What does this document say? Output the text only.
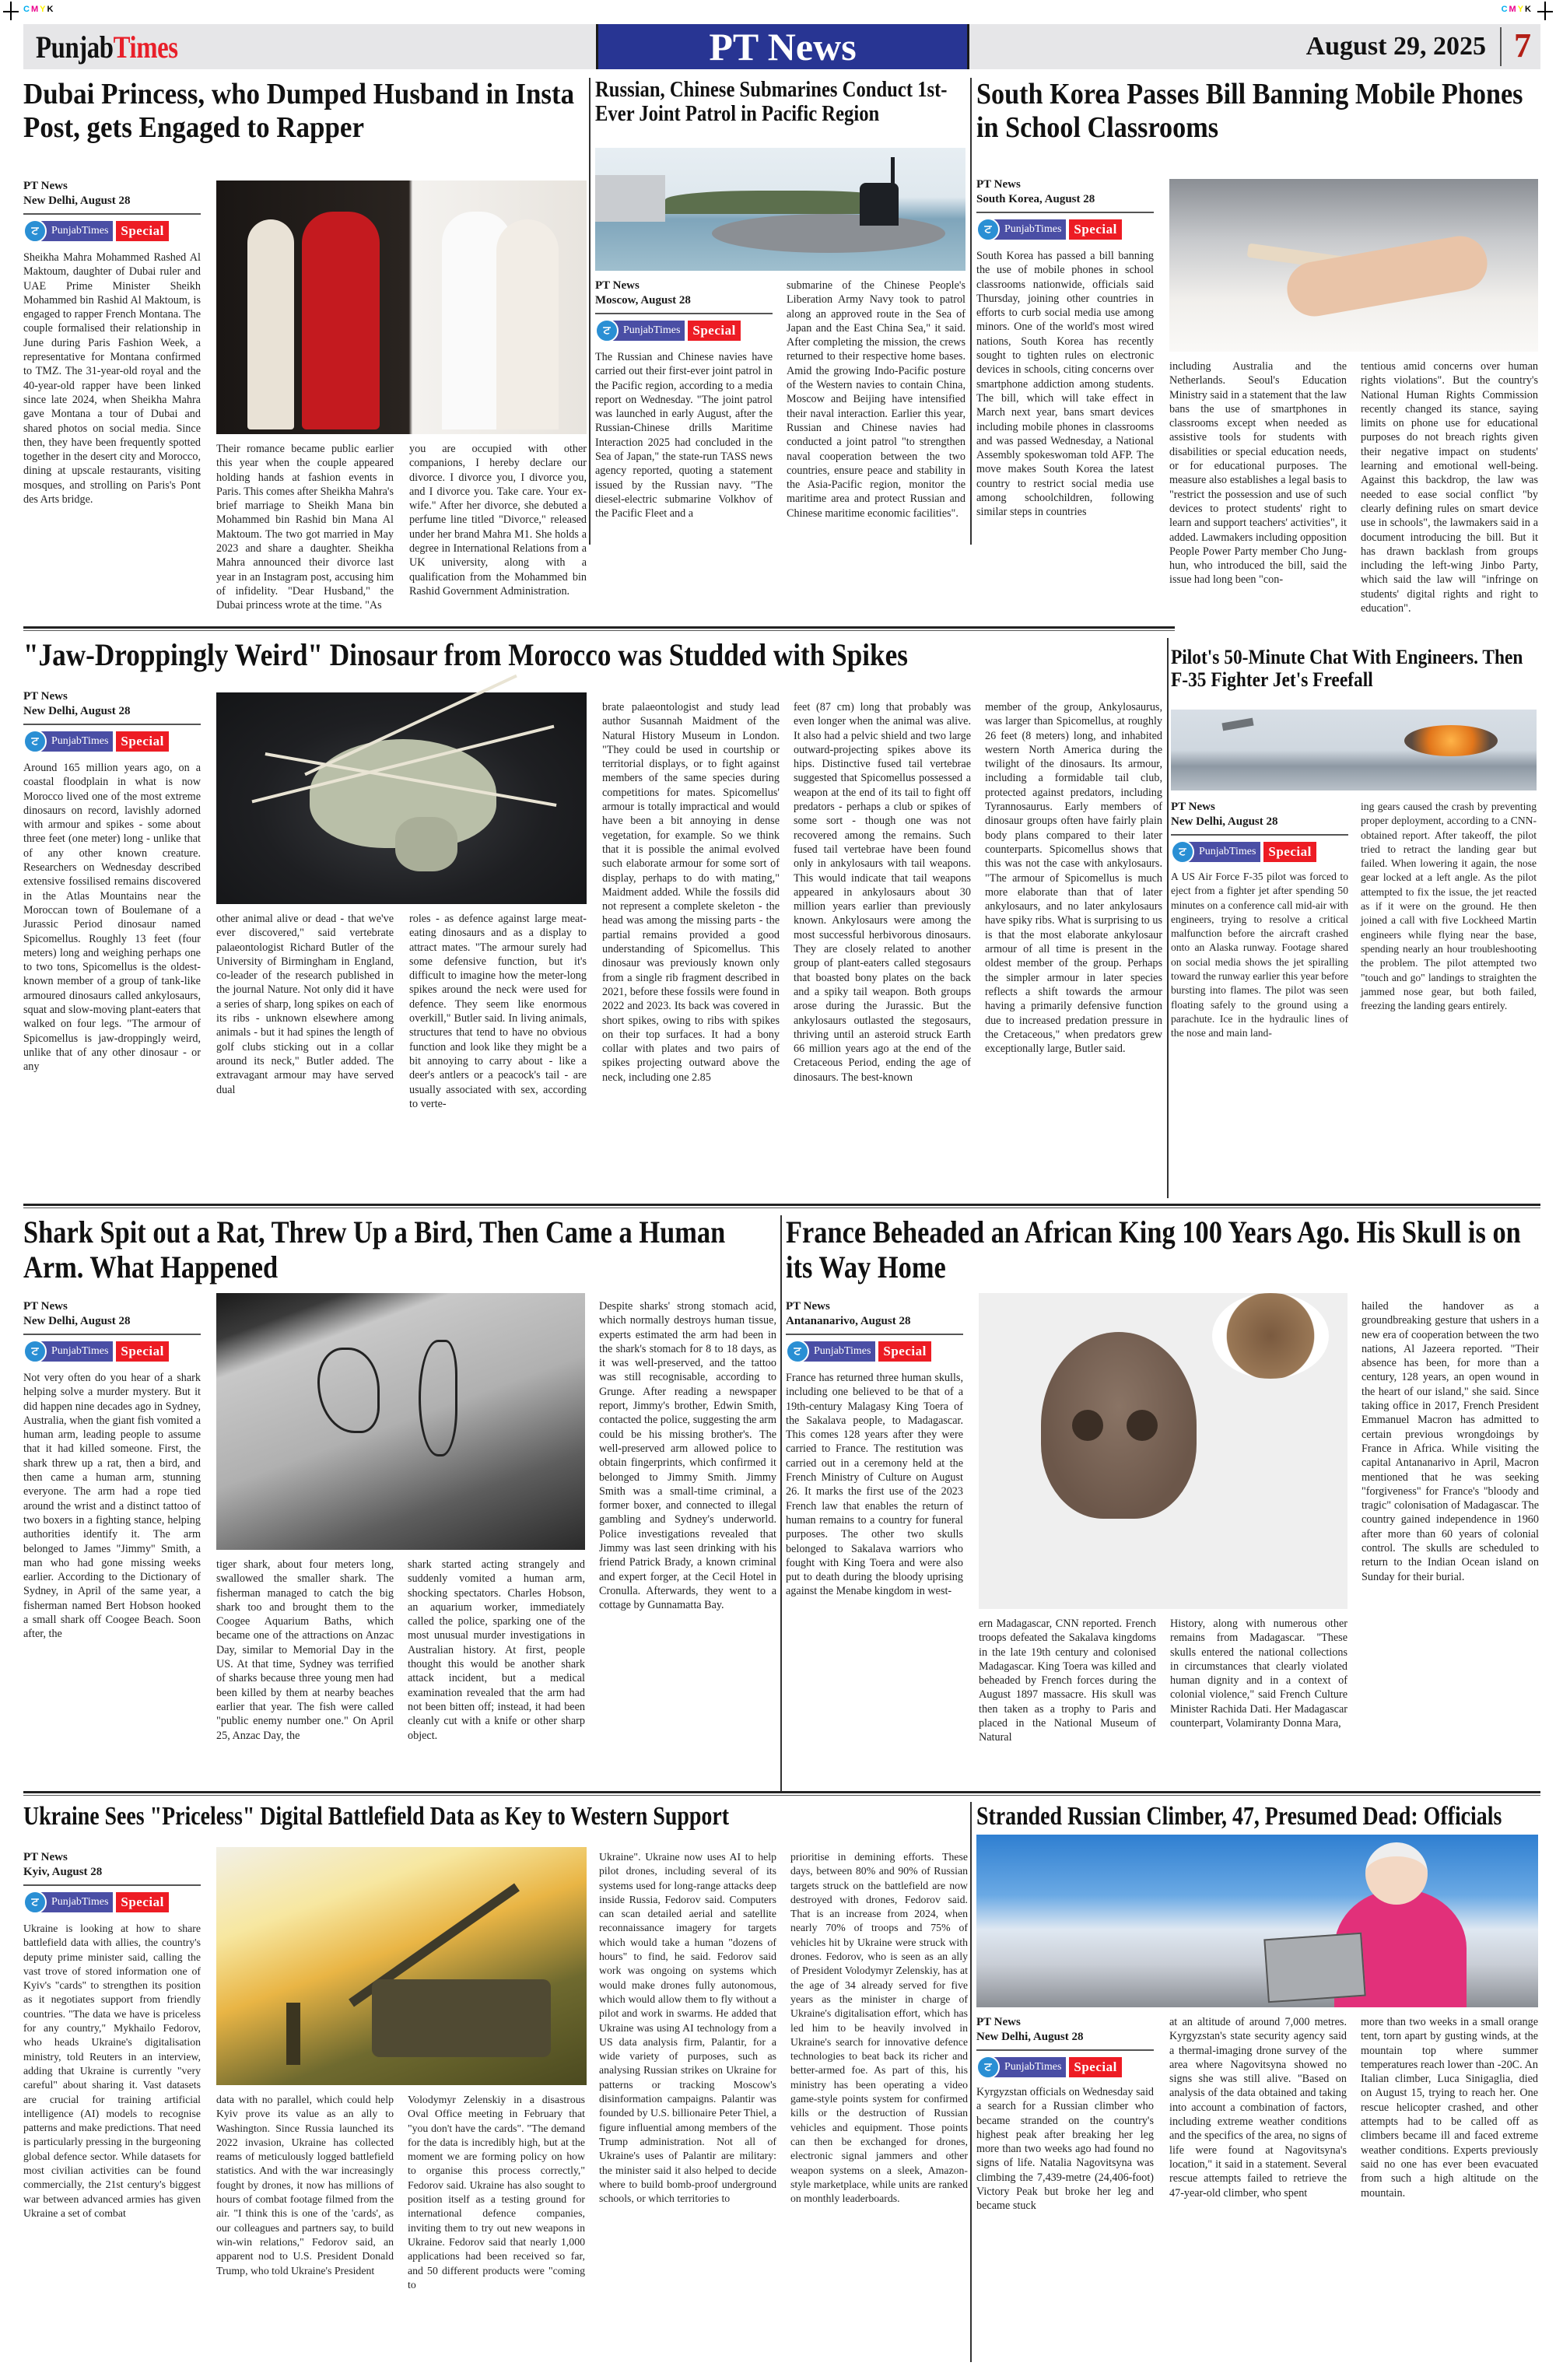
CMYK	CMYK
PunjabTimes	PT News	August 29, 2025 7
Dubai Princess, who Dumped Husband in Insta Post, gets Engaged to Rapper
PT News
New Delhi, August 28
ਟ	PunjabTimes Special
Sheikha Mahra Mohammed Rashed Al Maktoum, daughter of Dubai ruler and UAE Prime Minister Sheikh Mohammed bin Rashid Al Maktoum, is engaged to rapper French Montana. The couple formalised their relationship in June during Paris Fashion Week, a representative for Montana confirmed to TMZ. The 31-year-old royal and the 40-year-old rapper have been linked since late 2024, when Sheikha Mahra gave Montana a tour of Dubai and shared photos on social media. Since then, they have been frequently spotted together in the desert city and Morocco, dining at upscale restaurants, visiting mosques, and strolling on Paris's Pont des Arts bridge.
Their romance became public earlier this year when the couple appeared holding hands at fashion events in Paris. This comes after Sheikha Mahra's brief marriage to Sheikh Mana bin Mohammed bin Rashid bin Mana Al Maktoum. The two got married in May 2023 and share a daughter. Sheikha Mahra announced their divorce last year in an Instagram post, accusing him of infidelity. "Dear Husband," the Dubai princess wrote at the time. "As
you are occupied with other companions, I hereby declare our divorce. I divorce you, I divorce you, and I divorce you. Take care. Your ex-wife." After her divorce, she debuted a perfume line titled "Divorce," released under her brand Mahra M1. She holds a degree in International Relations from a UK university, along with a qualification from the Mohammed bin Rashid Government Administration.
Russian, Chinese Submarines Conduct 1st-Ever Joint Patrol in Pacific Region
PT News
Moscow, August 28
ਟ	PunjabTimes Special
The Russian and Chinese navies have carried out their first-ever joint patrol in the Pacific region, according to a media report on Wednesday. "The joint patrol was launched in early August, after the Russian-Chinese drills Maritime Interaction 2025 had concluded in the Sea of Japan," the state-run TASS news agency reported, quoting a statement issued by the Russian navy. "The diesel-electric submarine Volkhov of the Pacific Fleet and a
submarine of the Chinese People's Liberation Army Navy took to patrol along an approved route in the Sea of Japan and the East China Sea," it said. After completing the mission, the crews returned to their respective home bases. Amid the growing Indo-Pacific posture of the Western navies to contain China, Moscow and Beijing have intensified their naval interaction. Earlier this year, Russian and Chinese navies had conducted a joint patrol "to strengthen naval cooperation between the two countries, ensure peace and stability in the Asia-Pacific region, monitor the maritime area and protect Russian and Chinese maritime economic facilities".
South Korea Passes Bill Banning Mobile Phones in School Classrooms
PT News
South Korea, August 28
ਟ	PunjabTimes Special
South Korea has passed a bill banning the use of mobile phones in school classrooms nationwide, officials said Thursday, joining other countries in efforts to curb social media use among minors. One of the world's most wired nations, South Korea has recently sought to tighten rules on electronic devices in schools, citing concerns over smartphone addiction among students. The bill, which will take effect in March next year, bans smart devices including mobile phones in classrooms and was passed Wednesday, a National Assembly spokeswoman told AFP. The move makes South Korea the latest country to restrict social media use among schoolchildren, following similar steps in countries
including Australia and the Netherlands. Seoul's Education Ministry said in a statement that the law bans the use of smartphones in classrooms except when needed as assistive tools for students with disabilities or special education needs, or for educational purposes. The measure also establishes a legal basis to "restrict the possession and use of such devices to protect students' right to learn and support teachers' activities", it added. Lawmakers including opposition People Power Party member Cho Jung-hun, who introduced the bill, said the issue had long been "con-
tentious amid concerns over human rights violations". But the country's National Human Rights Commission recently changed its stance, saying limits on phone use for educational purposes do not breach rights given their negative impact on students' learning and emotional well-being. Against this backdrop, the law was needed to ease social conflict "by clearly defining rules on smart device use in schools", the lawmakers said in a document introducing the bill. But it has drawn backlash from groups including the left-wing Jinbo Party, which said the law will "infringe on students' digital rights and right to education".
"Jaw-Droppingly Weird" Dinosaur from Morocco was Studded with Spikes
PT News
New Delhi, August 28
ਟ	PunjabTimes Special
Around 165 million years ago, on a coastal floodplain in what is now Morocco lived one of the most extreme dinosaurs on record, lavishly adorned with armour and spikes - some about three feet (one meter) long - unlike that of any other known creature. Researchers on Wednesday described extensive fossilised remains discovered in the Atlas Mountains near the Moroccan town of Boulemane of a Jurassic Period dinosaur named Spicomellus. Roughly 13 feet (four meters) long and weighing perhaps one to two tons, Spicomellus is the oldest-known member of a group of tank-like armoured dinosaurs called ankylosaurs, squat and slow-moving plant-eaters that walked on four legs. "The armour of Spicomellus is jaw-droppingly weird, unlike that of any other dinosaur - or any
other animal alive or dead - that we've ever discovered," said vertebrate palaeontologist Richard Butler of the University of Birmingham in England, co-leader of the research published in the journal Nature. Not only did it have a series of sharp, long spikes on each of its ribs - unknown elsewhere among animals - but it had spines the length of golf clubs sticking out in a collar around its neck," Butler added. The extravagant armour may have served dual
roles - as defence against large meat-eating dinosaurs and as a display to attract mates. "The armour surely had some defensive function, but it's difficult to imagine how the meter-long spikes around the neck were used for defence. They seem like enormous overkill," Butler said. In living animals, structures that tend to have no obvious function and look like they might be a bit annoying to carry about - like a deer's antlers or a peacock's tail - are usually associated with sex, according to verte-
brate palaeontologist and study lead author Susannah Maidment of the Natural History Museum in London. "They could be used in courtship or territorial displays, or to fight against members of the same species during competitions for mates. Spicomellus' armour is totally impractical and would have been a bit annoying in dense vegetation, for example. So we think that it is possible the animal evolved such elaborate armour for some sort of display, perhaps to do with mating," Maidment added. While the fossils did not represent a complete skeleton - the head was among the missing parts - the partial remains provided a good understanding of Spicomellus. This dinosaur was previously known only from a single rib fragment described in 2021, before these fossils were found in 2022 and 2023. Its back was covered in short spikes, owing to ribs with spikes on their top surfaces. It had a bony collar with plates and two pairs of spikes projecting outward above the neck, including one 2.85
feet (87 cm) long that probably was even longer when the animal was alive. It also had a pelvic shield and two large outward-projecting spikes above its hips. Distinctive fused tail vertebrae suggested that Spicomellus possessed a weapon at the end of its tail to fight off predators - perhaps a club or spikes of some sort - though one was not recovered among the remains. Such fused tail vertebrae have been found only in ankylosaurs with tail weapons. This would indicate that tail weapons appeared in ankylosaurs about 30 million years earlier than previously known. Ankylosaurs were among the most successful herbivorous dinosaurs. They are closely related to another group of plant-eaters called stegosaurs that boasted bony plates on the back and a spiky tail weapon. Both groups arose during the Jurassic. But the ankylosaurs outlasted the stegosaurs, thriving until an asteroid struck Earth 66 million years ago at the end of the Cretaceous Period, ending the age of dinosaurs. The best-known
member of the group, Ankylosaurus, was larger than Spicomellus, at roughly 26 feet (8 meters) long, and inhabited western North America during the twilight of the dinosaurs. Its armour, including a formidable tail club, protected against predators, including Tyrannosaurus. Early members of dinosaur groups often have fairly plain body plans compared to their later counterparts. Spicomellus shows that this was not the case with ankylosaurs. "The armour of Spicomellus is much more elaborate than that of later ankylosaurs, and no later ankylosaurs have spiky ribs. What is surprising to us is that the most elaborate ankylosaur armour of all time is present in the oldest member of the group. Perhaps the simpler armour in later species reflects a shift towards the armour having a primarily defensive function due to increased predation pressure in the Cretaceous," when predators grew exceptionally large, Butler said.
Pilot's 50-Minute Chat With Engineers. Then F-35 Fighter Jet's Freefall
PT News
New Delhi, August 28
ਟ	PunjabTimes Special
A US Air Force F-35 pilot was forced to eject from a fighter jet after spending 50 minutes on a conference call mid-air with engineers, trying to resolve a critical malfunction before the aircraft crashed onto an Alaska runway. Footage shared on social media shows the jet spiralling toward the runway earlier this year before bursting into flames. The pilot was seen floating safely to the ground using a parachute. Ice in the hydraulic lines of the nose and main land-
ing gears caused the crash by preventing proper deployment, according to a CNN-obtained report. After takeoff, the pilot tried to retract the landing gear but failed. When lowering it again, the nose gear locked at a left angle. As the pilot attempted to fix the issue, the jet reacted as if it were on the ground. He then joined a call with five Lockheed Martin engineers while flying near the base, spending nearly an hour troubleshooting the problem. The pilot attempted two "touch and go" landings to straighten the jammed nose gear, but both failed, freezing the landing gears entirely.
Shark Spit out a Rat, Threw Up a Bird, Then Came a Human Arm. What Happened
PT News
New Delhi, August 28
ਟ	PunjabTimes Special
Not very often do you hear of a shark helping solve a murder mystery. But it did happen nine decades ago in Sydney, Australia, when the giant fish vomited a human arm, leading people to assume that it had killed someone. First, the shark threw up a rat, then a bird, and then came a human arm, stunning everyone. The arm had a rope tied around the wrist and a distinct tattoo of two boxers in a fighting stance, helping authorities identify it. The arm belonged to James "Jimmy" Smith, a man who had gone missing weeks earlier. According to the Dictionary of Sydney, in April of the same year, a fisherman named Bert Hobson hooked a small shark off Coogee Beach. Soon after, the
tiger shark, about four meters long, swallowed the smaller shark. The fisherman managed to catch the big shark too and brought them to the Coogee Aquarium Baths, which became one of the attractions on Anzac Day, similar to Memorial Day in the US. At that time, Sydney was terrified of sharks because three young men had been killed by them at nearby beaches earlier that year. The fish were called "public enemy number one." On April 25, Anzac Day, the
shark started acting strangely and suddenly vomited a human arm, shocking spectators. Charles Hobson, an aquarium worker, immediately called the police, sparking one of the most unusual murder investigations in Australian history. At first, people thought this would be another shark attack incident, but a medical examination revealed that the arm had not been bitten off; instead, it had been cleanly cut with a knife or other sharp object.
Despite sharks' strong stomach acid, which normally destroys human tissue, experts estimated the arm had been in the shark's stomach for 8 to 18 days, as it was well-preserved, and the tattoo was still recognisable, according to Grunge. After reading a newspaper report, Jimmy's brother, Edwin Smith, contacted the police, suggesting the arm could be his missing brother's. The well-preserved arm allowed police to obtain fingerprints, which confirmed it belonged to Jimmy Smith. Jimmy Smith was a small-time criminal, a former boxer, and connected to illegal gambling and Sydney's underworld. Police investigations revealed that Jimmy was last seen drinking with his friend Patrick Brady, a known criminal and expert forger, at the Cecil Hotel in Cronulla. Afterwards, they went to a cottage by Gunnamatta Bay.
France Beheaded an African King 100 Years Ago. His Skull is on its Way Home
PT News
Antananarivo, August 28
ਟ	PunjabTimes Special
France has returned three human skulls, including one believed to be that of a 19th-century Malagasy King Toera of the Sakalava people, to Madagascar. This comes 128 years after they were carried to France. The restitution was carried out in a ceremony held at the French Ministry of Culture on August 26. It marks the first use of the 2023 French law that enables the return of human remains to a country for funeral purposes. The other two skulls belonged to Sakalava warriors who fought with King Toera and were also put to death during the bloody uprising against the Menabe kingdom in west-
ern Madagascar, CNN reported. French troops defeated the Sakalava kingdoms in the late 19th century and colonised Madagascar. King Toera was killed and beheaded by French forces during the August 1897 massacre. His skull was then taken as a trophy to Paris and placed in the National Museum of Natural
History, along with numerous other remains from Madagascar. "These skulls entered the national collections in circumstances that clearly violated human dignity and in a context of colonial violence," said French Culture Minister Rachida Dati. Her Madagascar counterpart, Volamiranty Donna Mara,
hailed the handover as a groundbreaking gesture that ushers in a new era of cooperation between the two nations, Al Jazeera reported. "Their absence has been, for more than a century, 128 years, an open wound in the heart of our island," she said. Since taking office in 2017, French President Emmanuel Macron has admitted to certain previous wrongdoings by France in Africa. While visiting the capital Antananarivo in April, Macron mentioned that he was seeking "forgiveness" for France's "bloody and tragic" colonisation of Madagascar. The country gained independence in 1960 after more than 60 years of colonial control. The skulls are scheduled to return to the Indian Ocean island on Sunday for their burial.
Ukraine Sees "Priceless" Digital Battlefield Data as Key to Western Support
PT News
Kyiv, August 28
ਟ	PunjabTimes Special
Ukraine is looking at how to share battlefield data with allies, the country's deputy prime minister said, calling the vast trove of stored information one of Kyiv's "cards" to strengthen its position as it negotiates support from friendly countries. "The data we have is priceless for any country," Mykhailo Fedorov, who heads Ukraine's digitalisation ministry, told Reuters in an interview, adding that Ukraine is currently "very careful" about sharing it. Vast datasets are crucial for training artificial intelligence (AI) models to recognise patterns and make predictions. That need is particularly pressing in the burgeoning global defence sector. While datasets for most civilian activities can be found commercially, the 21st century's biggest war between advanced armies has given Ukraine a set of combat
data with no parallel, which could help Kyiv prove its value as an ally to Washington. Since Russia launched its 2022 invasion, Ukraine has collected reams of meticulously logged battlefield statistics. And with the war increasingly fought by drones, it now has millions of hours of combat footage filmed from the air. "I think this is one of the 'cards', as our colleagues and partners say, to build win-win relations," Fedorov said, an apparent nod to U.S. President Donald Trump, who told Ukraine's President
Volodymyr Zelenskiy in a disastrous Oval Office meeting in February that "you don't have the cards". "The demand for the data is incredibly high, but at the moment we are forming policy on how to organise this process correctly," Fedorov said. Ukraine has also sought to position itself as a testing ground for international defence companies, inviting them to try out new weapons in Ukraine. Fedorov said that nearly 1,000 applications had been received so far, and 50 different products were "coming to
Ukraine". Ukraine now uses AI to help pilot drones, including several of its systems used for long-range attacks deep inside Russia, Fedorov said. Computers can scan detailed aerial and satellite reconnaissance imagery for targets which would take a human "dozens of hours" to find, he said. Fedorov said work was ongoing on systems which would make drones fully autonomous, which would allow them to fly without a pilot and work in swarms. He added that Ukraine was using AI technology from a US data analysis firm, Palantir, for a wide variety of purposes, such as analysing Russian strikes on Ukraine for patterns or tracking Moscow's disinformation campaigns. Palantir was founded by U.S. billionaire Peter Thiel, a figure influential among members of the Trump administration. Not all of Ukraine's uses of Palantir are military: the minister said it also helped to decide where to build bomb-proof underground schools, or which territories to
prioritise in demining efforts. These days, between 80% and 90% of Russian targets struck on the battlefield are now destroyed with drones, Fedorov said. That is an increase from 2024, when nearly 70% of troops and 75% of vehicles hit by Ukraine were struck with drones. Fedorov, who is seen as an ally of President Volodymyr Zelenskiy, has at the age of 34 already served for five years as the minister in charge of Ukraine's digitalisation effort, which has led him to be heavily involved in Ukraine's search for innovative defence technologies to beat back its richer and better-armed foe. As part of this, his ministry has been operating a video game-style points system for confirmed kills or the destruction of Russian vehicles and equipment. Those points can then be exchanged for drones, electronic signal jammers and other weapon systems on a sleek, Amazon-style marketplace, while units are ranked on monthly leaderboards.
Stranded Russian Climber, 47, Presumed Dead: Officials
PT News
New Delhi, August 28
ਟ	PunjabTimes Special
Kyrgyzstan officials on Wednesday said a search for a Russian climber who became stranded on the country's highest peak after breaking her leg more than two weeks ago had found no signs of life. Natalia Nagovitsyna was climbing the 7,439-metre (24,406-foot) Victory Peak but broke her leg and became stuck
at an altitude of around 7,000 metres. Kyrgyzstan's state security agency said a thermal-imaging drone survey of the area where Nagovitsyna showed no signs she was still alive. "Based on analysis of the data obtained and taking into account a combination of factors, including extreme weather conditions and the specifics of the area, no signs of life were found at Nagovitsyna's location," it said in a statement. Several rescue attempts failed to retrieve the 47-year-old climber, who spent
more than two weeks in a small orange tent, torn apart by gusting winds, at the mountain top where summer temperatures reach lower than -20C. An Italian climber, Luca Sinigaglia, died on August 15, trying to reach her. One rescue helicopter crashed, and other attempts had to be called off as climbers became ill and faced extreme weather conditions. Experts previously said no one has ever been evacuated from such a high altitude on the mountain.
